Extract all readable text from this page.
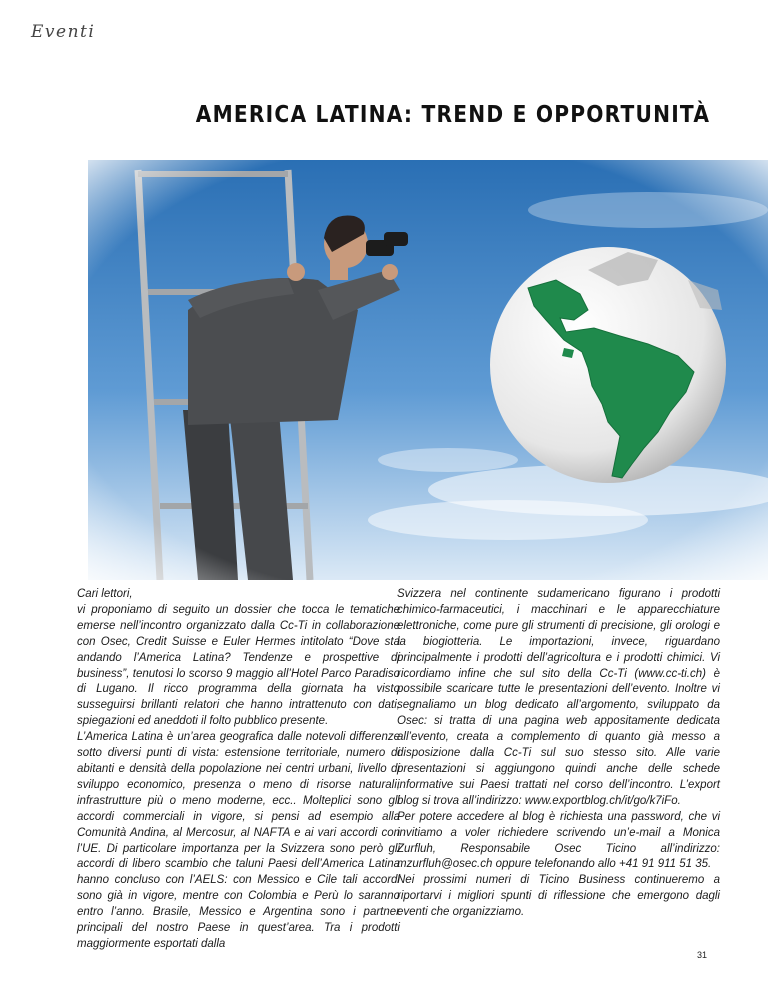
Eventi
AMERICA LATINA: TREND E OPPORTUNITÀ

Cari lettori,

vi proponiamo di seguito un dossier che tocca le tematiche emerse nell’incontro organizzato dalla Cc-Ti in collaborazione con Osec, Credit Suisse e Euler Hermes intitolato “Dove sta andando l’America Latina? Tendenze e prospettive di business”, tenutosi lo scorso 9 maggio all’Hotel Parco Paradiso di Lugano. Il ricco programma della giornata ha visto susseguirsi brillanti relatori che hanno intrattenuto con dati, spiegazioni ed aneddoti il folto pubblico presente.

L’America Latina è un’area geografica dalle notevoli differenze sotto diversi punti di vista: estensione territoriale, numero di abitanti e densità della popolazione nei centri urbani, livello di sviluppo economico, presenza o meno di risorse naturali, infrastrutture più o meno moderne, ecc.. Molteplici sono gli accordi commerciali in vigore, si pensi ad esempio alla Comunità Andina, al Mercosur, al NAFTA e ai vari accordi con l’UE. Di particolare importanza per la Svizzera sono però gli accordi di libero scambio che taluni Paesi dell’America Latina hanno concluso con l’AELS: con Messico e Cile tali accordi sono già in vigore, mentre con Colombia e Perù lo saranno entro l’anno. Brasile, Messico e Argentina sono i partner principali del nostro Paese in quest’area. Tra i prodotti maggiormente esportati dalla

Svizzera nel continente sudamericano figurano i prodotti chimico-farmaceutici, i macchinari e le apparecchiature elettroniche, come pure gli strumenti di precisione, gli orologi e la biogiotteria. Le importazioni, invece, riguardano principalmente i prodotti dell’agricoltura e i prodotti chimici. Vi ricordiamo infine che sul sito della Cc-Ti (www.cc-ti.ch) è possibile scaricare tutte le presentazioni dell’evento. Inoltre vi segnaliamo un blog dedicato all’argomento, sviluppato da Osec: si tratta di una pagina web appositamente dedicata all’evento, creata a complemento di quanto già messo a disposizione dalla Cc-Ti sul suo stesso sito. Alle varie presentazioni si aggiungono quindi anche delle schede informative sui Paesi trattati nel corso dell’incontro. L’export blog si trova all’indirizzo: www.exportblog.ch/it/go/k7iFo.

Per potere accedere al blog è richiesta una password, che vi invitiamo a voler richiedere scrivendo un’e-mail a Monica Zurfluh, Responsabile Osec Ticino all’indirizzo: mzurfluh@osec.ch oppure telefonando allo +41 91 911 51 35.

Nei prossimi numeri di Ticino Business continueremo a riportarvi i migliori spunti di riflessione che emergono dagli eventi che organizziamo.

31
